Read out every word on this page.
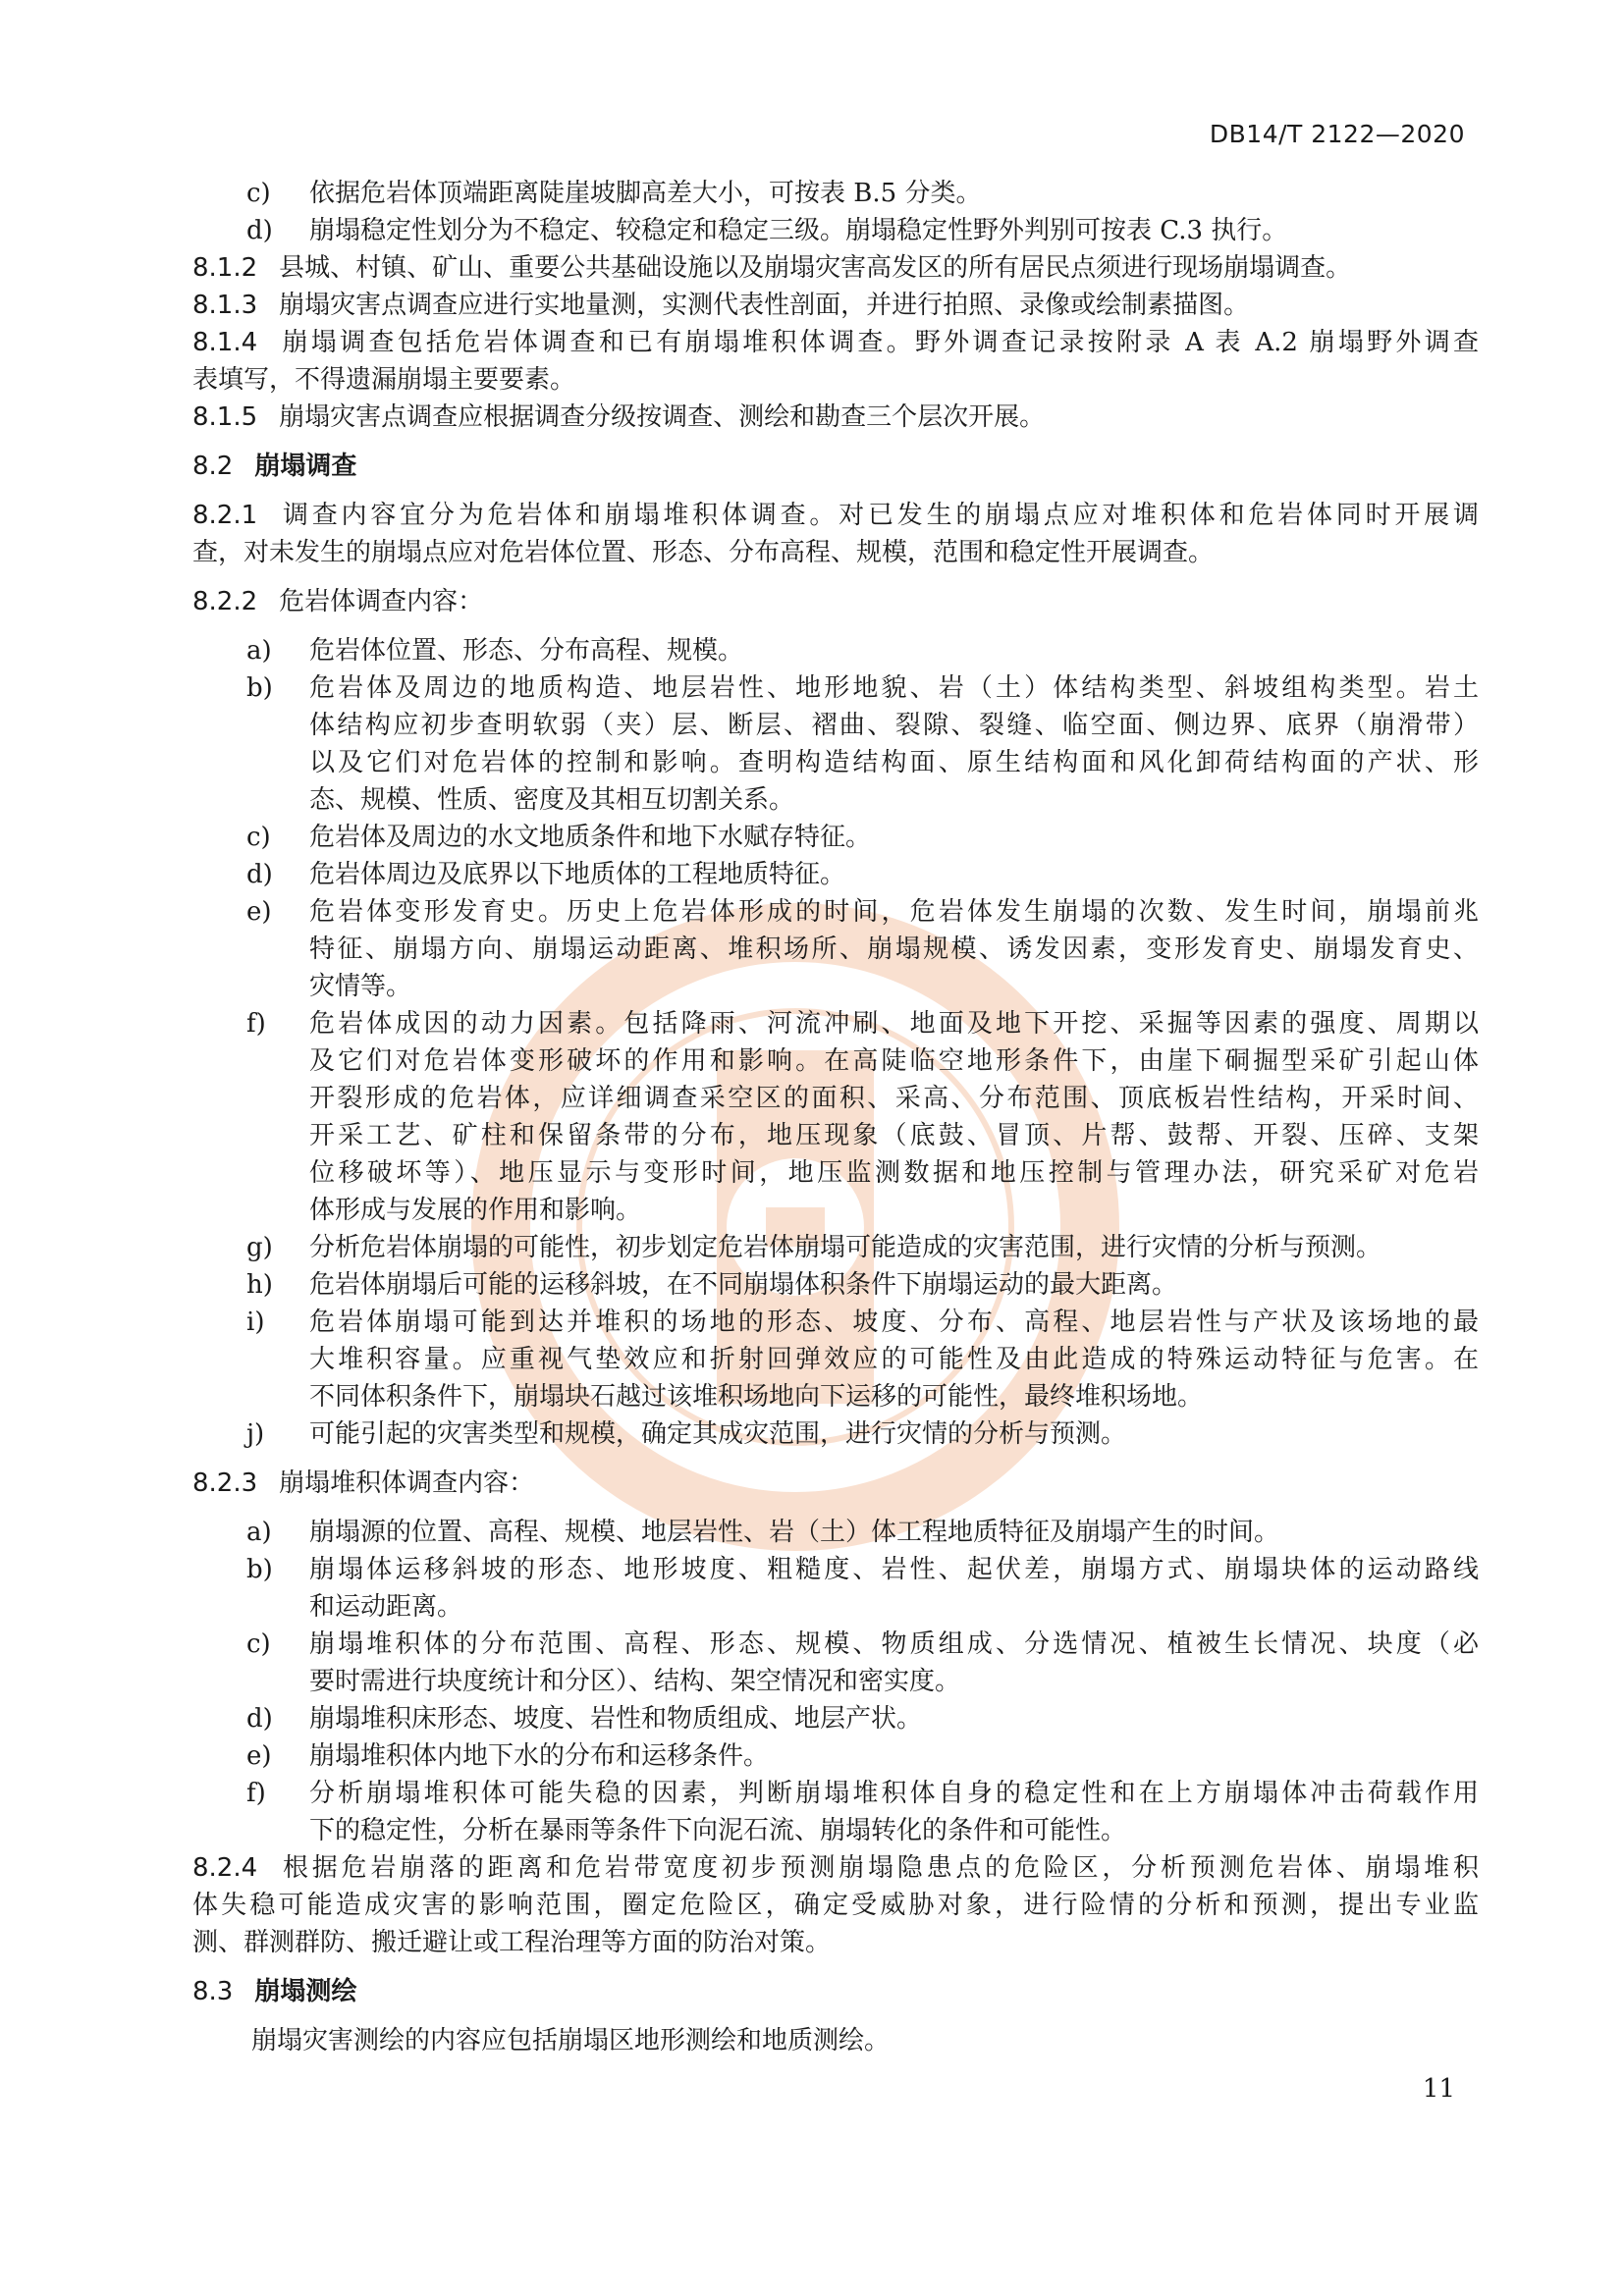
DB14/T 2122—2020
c) 依据危岩体顶端距离陡崖坡脚高差大小，可按表 B.5 分类。
d) 崩塌稳定性划分为不稳定、较稳定和稳定三级。崩塌稳定性野外判别可按表 C.3 执行。
8.1.2 县城、村镇、矿山、重要公共基础设施以及崩塌灾害高发区的所有居民点须进行现场崩塌调查。
8.1.3 崩塌灾害点调查应进行实地量测，实测代表性剖面，并进行拍照、录像或绘制素描图。
8.1.4 崩塌调查包括危岩体调查和已有崩塌堆积体调查。野外调查记录按附录 A 表 A.2 崩塌野外调查
表填写，不得遗漏崩塌主要要素。
8.1.5 崩塌灾害点调查应根据调查分级按调查、测绘和勘查三个层次开展。
8.2 崩塌调查
8.2.1 调查内容宜分为危岩体和崩塌堆积体调查。对已发生的崩塌点应对堆积体和危岩体同时开展调
查，对未发生的崩塌点应对危岩体位置、形态、分布高程、规模，范围和稳定性开展调查。
8.2.2 危岩体调查内容：
a) 危岩体位置、形态、分布高程、规模。
b) 危岩体及周边的地质构造、地层岩性、地形地貌、岩（土）体结构类型、斜坡组构类型。岩土
体结构应初步查明软弱（夹）层、断层、褶曲、裂隙、裂缝、临空面、侧边界、底界（崩滑带）
以及它们对危岩体的控制和影响。查明构造结构面、原生结构面和风化卸荷结构面的产状、形
态、规模、性质、密度及其相互切割关系。
c) 危岩体及周边的水文地质条件和地下水赋存特征。
d) 危岩体周边及底界以下地质体的工程地质特征。
e) 危岩体变形发育史。历史上危岩体形成的时间，危岩体发生崩塌的次数、发生时间，崩塌前兆
特征、崩塌方向、崩塌运动距离、堆积场所、崩塌规模、诱发因素，变形发育史、崩塌发育史、
灾情等。
f) 危岩体成因的动力因素。包括降雨、河流冲刷、地面及地下开挖、采掘等因素的强度、周期以
及它们对危岩体变形破坏的作用和影响。在高陡临空地形条件下，由崖下硐掘型采矿引起山体
开裂形成的危岩体，应详细调查采空区的面积、采高、分布范围、顶底板岩性结构，开采时间、
开采工艺、矿柱和保留条带的分布，地压现象（底鼓、冒顶、片帮、鼓帮、开裂、压碎、支架
位移破坏等）、地压显示与变形时间，地压监测数据和地压控制与管理办法，研究采矿对危岩
体形成与发展的作用和影响。
g) 分析危岩体崩塌的可能性，初步划定危岩体崩塌可能造成的灾害范围，进行灾情的分析与预测。
h) 危岩体崩塌后可能的运移斜坡，在不同崩塌体积条件下崩塌运动的最大距离。
i) 危岩体崩塌可能到达并堆积的场地的形态、坡度、分布、高程、地层岩性与产状及该场地的最
大堆积容量。应重视气垫效应和折射回弹效应的可能性及由此造成的特殊运动特征与危害。在
不同体积条件下，崩塌块石越过该堆积场地向下运移的可能性，最终堆积场地。
j) 可能引起的灾害类型和规模，确定其成灾范围，进行灾情的分析与预测。
8.2.3 崩塌堆积体调查内容：
a) 崩塌源的位置、高程、规模、地层岩性、岩（土）体工程地质特征及崩塌产生的时间。
b) 崩塌体运移斜坡的形态、地形坡度、粗糙度、岩性、起伏差，崩塌方式、崩塌块体的运动路线
和运动距离。
c) 崩塌堆积体的分布范围、高程、形态、规模、物质组成、分选情况、植被生长情况、块度（必
要时需进行块度统计和分区）、结构、架空情况和密实度。
d) 崩塌堆积床形态、坡度、岩性和物质组成、地层产状。
e) 崩塌堆积体内地下水的分布和运移条件。
f) 分析崩塌堆积体可能失稳的因素，判断崩塌堆积体自身的稳定性和在上方崩塌体冲击荷载作用
下的稳定性，分析在暴雨等条件下向泥石流、崩塌转化的条件和可能性。
8.2.4 根据危岩崩落的距离和危岩带宽度初步预测崩塌隐患点的危险区，分析预测危岩体、崩塌堆积
体失稳可能造成灾害的影响范围，圈定危险区，确定受威胁对象，进行险情的分析和预测，提出专业监
测、群测群防、搬迁避让或工程治理等方面的防治对策。
8.3 崩塌测绘
崩塌灾害测绘的内容应包括崩塌区地形测绘和地质测绘。
11
